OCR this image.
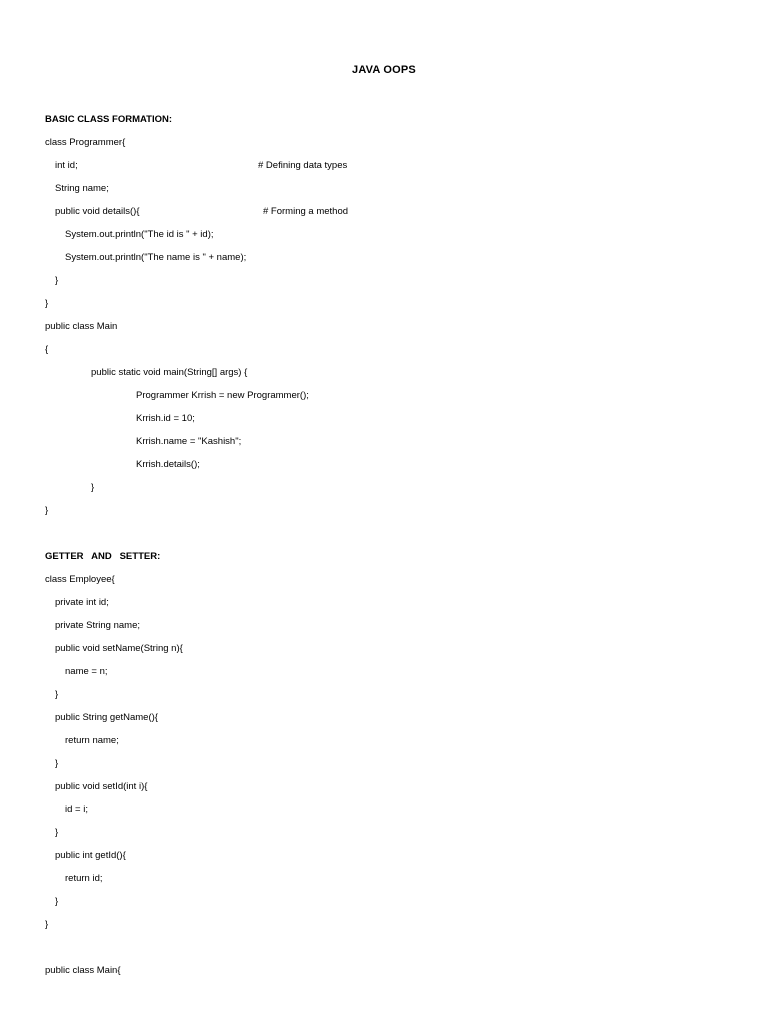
JAVA OOPS
BASIC CLASS FORMATION:
class Programmer{
int id;	# Defining data types
String name;
public void details(){	# Forming a method
System.out.println("The id is " + id);
System.out.println("The name is " + name);
}
}
public class Main
{
public static void main(String[] args) {
Programmer Krrish = new Programmer();
Krrish.id = 10;
Krrish.name = "Kashish";
Krrish.details();
}
}
GETTER   AND   SETTER:
class Employee{
private int id;
private String name;
public void setName(String n){
name = n;
}
public String getName(){
return name;
}
public void setId(int i){
id = i;
}
public int getId(){
return id;
}
}
public class Main{
